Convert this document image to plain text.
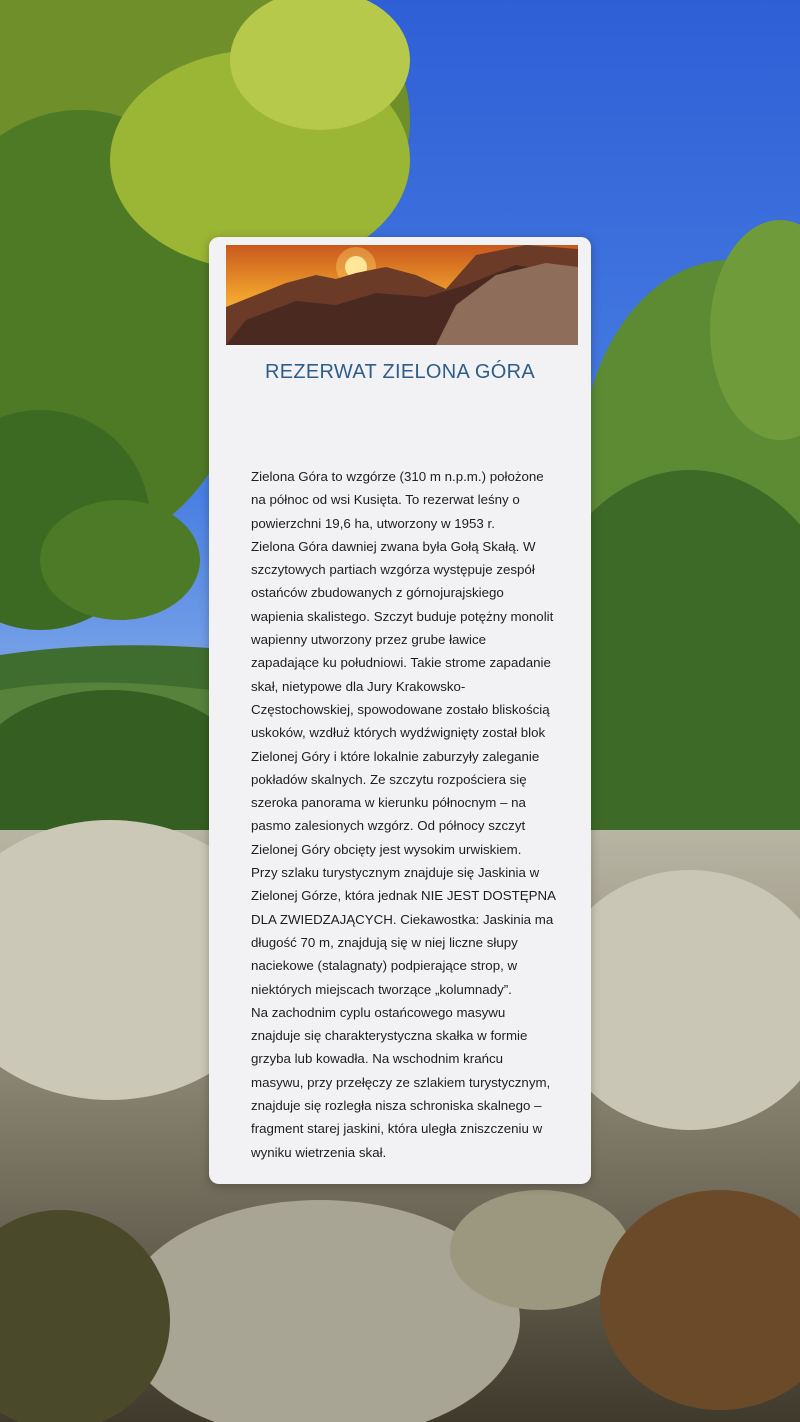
REZERWAT ZIELONA GÓRA

Zielona Góra to wzgórze (310 m n.p.m.) położone na północ od wsi Kusięta. To rezerwat leśny o powierzchni 19,6 ha, utworzony w 1953 r.

Zielona Góra dawniej zwana była Gołą Skałą. W szczytowych partiach wzgórza występuje zespół ostańców zbudowanych z górnojurajskiego wapienia skalistego. Szczyt buduje potężny monolit wapienny utworzony przez grube ławice zapadające ku południowi. Takie strome zapadanie skał, nietypowe dla Jury Krakowsko-Częstochowskiej, spowodowane zostało bliskością uskoków, wzdłuż których wydźwignięty został blok Zielonej Góry i które lokalnie zaburzyły zaleganie pokładów skalnych. Ze szczytu rozpościera się szeroka panorama w kierunku północnym – na pasmo zalesionych wzgórz. Od północy szczyt Zielonej Góry obcięty jest wysokim urwiskiem.

Przy szlaku turystycznym znajduje się Jaskinia w Zielonej Górze, która jednak NIE JEST DOSTĘPNA DLA ZWIEDZAJĄCYCH. Ciekawostka: Jaskinia ma długość 70 m, znajdują się w niej liczne słupy naciekowe (stalagnaty) podpierające strop, w niektórych miejscach tworzące „kolumnady”.

Na zachodnim cyplu ostańcowego masywu znajduje się charakterystyczna skałka w formie grzyba lub kowadła. Na wschodnim krańcu masywu, przy przełęczy ze szlakiem turystycznym, znajduje się rozległa nisza schroniska skalnego – fragment starej jaskini, która uległa zniszczeniu w wyniku wietrzenia skał.
